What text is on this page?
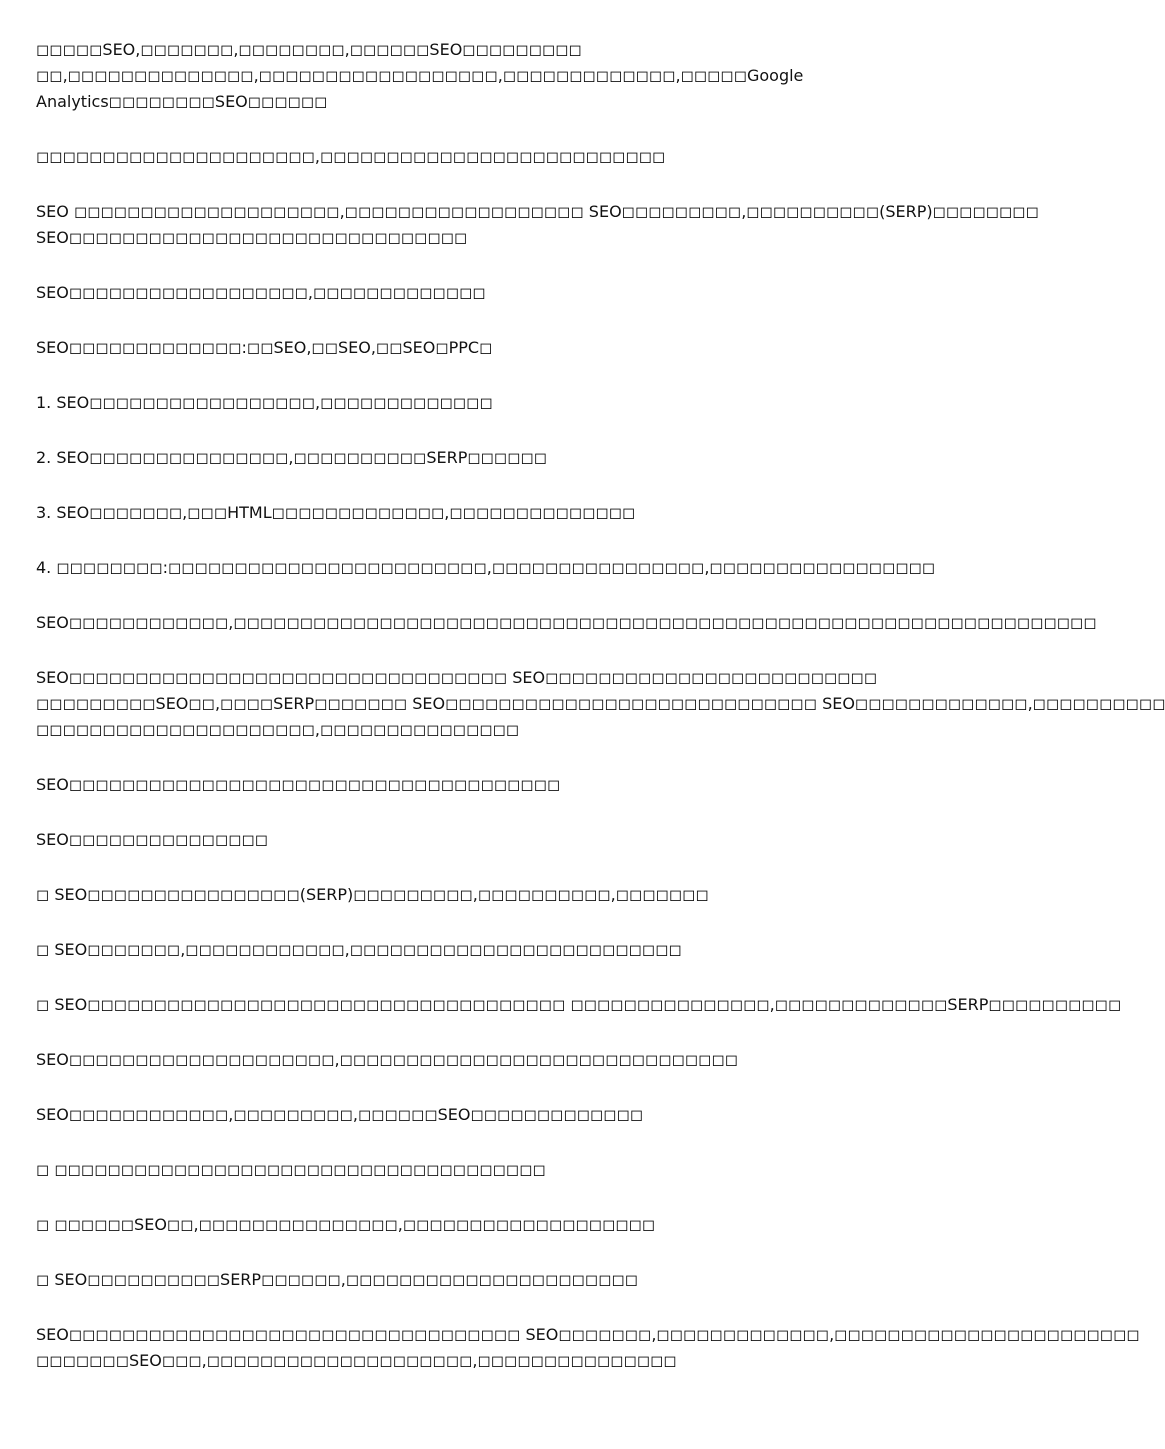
◻◻◻◻◻SEO,◻◻◻◻◻◻◻,◻◻◻◻◻◻◻◻,◻◻◻◻◻◻SEO◻◻◻◻◻◻◻◻◻
◻◻,◻◻◻◻◻◻◻◻◻◻◻◻◻◻,◻◻◻◻◻◻◻◻◻◻◻◻◻◻◻◻◻◻,◻◻◻◻◻◻◻◻◻◻◻◻◻,◻◻◻◻◻Google
Analytics◻◻◻◻◻◻◻◻SEO◻◻◻◻◻◻

◻◻◻◻◻◻◻◻◻◻◻◻◻◻◻◻◻◻◻◻◻,◻◻◻◻◻◻◻◻◻◻◻◻◻◻◻◻◻◻◻◻◻◻◻◻◻◻

SEO ◻◻◻◻◻◻◻◻◻◻◻◻◻◻◻◻◻◻◻◻,◻◻◻◻◻◻◻◻◻◻◻◻◻◻◻◻◻◻ SEO◻◻◻◻◻◻◻◻◻,◻◻◻◻◻◻◻◻◻◻(SERP)◻◻◻◻◻◻◻◻
SEO◻◻◻◻◻◻◻◻◻◻◻◻◻◻◻◻◻◻◻◻◻◻◻◻◻◻◻◻◻◻

SEO◻◻◻◻◻◻◻◻◻◻◻◻◻◻◻◻◻◻,◻◻◻◻◻◻◻◻◻◻◻◻◻

SEO◻◻◻◻◻◻◻◻◻◻◻◻◻:◻◻SEO,◻◻SEO,◻◻SEO◻PPC◻

1. SEO◻◻◻◻◻◻◻◻◻◻◻◻◻◻◻◻◻,◻◻◻◻◻◻◻◻◻◻◻◻◻

2. SEO◻◻◻◻◻◻◻◻◻◻◻◻◻◻◻,◻◻◻◻◻◻◻◻◻◻SERP◻◻◻◻◻◻

3. SEO◻◻◻◻◻◻◻,◻◻◻HTML◻◻◻◻◻◻◻◻◻◻◻◻◻,◻◻◻◻◻◻◻◻◻◻◻◻◻◻

4. ◻◻◻◻◻◻◻◻:◻◻◻◻◻◻◻◻◻◻◻◻◻◻◻◻◻◻◻◻◻◻◻◻,◻◻◻◻◻◻◻◻◻◻◻◻◻◻◻◻,◻◻◻◻◻◻◻◻◻◻◻◻◻◻◻◻◻

SEO◻◻◻◻◻◻◻◻◻◻◻◻,◻◻◻◻◻◻◻◻◻◻◻◻◻◻◻◻◻◻◻◻◻◻◻◻◻◻◻◻◻◻◻◻◻◻◻◻◻◻◻◻◻◻◻◻◻◻◻◻◻◻◻◻◻◻◻◻◻◻◻◻◻◻◻◻◻

SEO◻◻◻◻◻◻◻◻◻◻◻◻◻◻◻◻◻◻◻◻◻◻◻◻◻◻◻◻◻◻◻◻◻ SEO◻◻◻◻◻◻◻◻◻◻◻◻◻◻◻◻◻◻◻◻◻◻◻◻◻
◻◻◻◻◻◻◻◻◻SEO◻◻,◻◻◻◻SERP◻◻◻◻◻◻◻ SEO◻◻◻◻◻◻◻◻◻◻◻◻◻◻◻◻◻◻◻◻◻◻◻◻◻◻◻◻ SEO◻◻◻◻◻◻◻◻◻◻◻◻◻,◻◻◻◻◻◻◻◻◻◻
◻◻◻◻◻◻◻◻◻◻◻◻◻◻◻◻◻◻◻◻◻,◻◻◻◻◻◻◻◻◻◻◻◻◻◻◻

SEO◻◻◻◻◻◻◻◻◻◻◻◻◻◻◻◻◻◻◻◻◻◻◻◻◻◻◻◻◻◻◻◻◻◻◻◻◻

SEO◻◻◻◻◻◻◻◻◻◻◻◻◻◻◻

◻ SEO◻◻◻◻◻◻◻◻◻◻◻◻◻◻◻◻(SERP)◻◻◻◻◻◻◻◻◻,◻◻◻◻◻◻◻◻◻◻,◻◻◻◻◻◻◻

◻ SEO◻◻◻◻◻◻◻,◻◻◻◻◻◻◻◻◻◻◻◻,◻◻◻◻◻◻◻◻◻◻◻◻◻◻◻◻◻◻◻◻◻◻◻◻◻

◻ SEO◻◻◻◻◻◻◻◻◻◻◻◻◻◻◻◻◻◻◻◻◻◻◻◻◻◻◻◻◻◻◻◻◻◻◻◻ ◻◻◻◻◻◻◻◻◻◻◻◻◻◻◻,◻◻◻◻◻◻◻◻◻◻◻◻◻SERP◻◻◻◻◻◻◻◻◻◻

SEO◻◻◻◻◻◻◻◻◻◻◻◻◻◻◻◻◻◻◻◻,◻◻◻◻◻◻◻◻◻◻◻◻◻◻◻◻◻◻◻◻◻◻◻◻◻◻◻◻◻◻

SEO◻◻◻◻◻◻◻◻◻◻◻◻,◻◻◻◻◻◻◻◻◻,◻◻◻◻◻◻SEO◻◻◻◻◻◻◻◻◻◻◻◻◻

◻ ◻◻◻◻◻◻◻◻◻◻◻◻◻◻◻◻◻◻◻◻◻◻◻◻◻◻◻◻◻◻◻◻◻◻◻◻◻

◻ ◻◻◻◻◻◻SEO◻◻,◻◻◻◻◻◻◻◻◻◻◻◻◻◻◻,◻◻◻◻◻◻◻◻◻◻◻◻◻◻◻◻◻◻◻

◻ SEO◻◻◻◻◻◻◻◻◻◻SERP◻◻◻◻◻◻,◻◻◻◻◻◻◻◻◻◻◻◻◻◻◻◻◻◻◻◻◻◻

SEO◻◻◻◻◻◻◻◻◻◻◻◻◻◻◻◻◻◻◻◻◻◻◻◻◻◻◻◻◻◻◻◻◻◻ SEO◻◻◻◻◻◻◻,◻◻◻◻◻◻◻◻◻◻◻◻◻,◻◻◻◻◻◻◻◻◻◻◻◻◻◻◻◻◻◻◻◻◻◻◻
◻◻◻◻◻◻◻SEO◻◻◻,◻◻◻◻◻◻◻◻◻◻◻◻◻◻◻◻◻◻◻◻,◻◻◻◻◻◻◻◻◻◻◻◻◻◻◻
